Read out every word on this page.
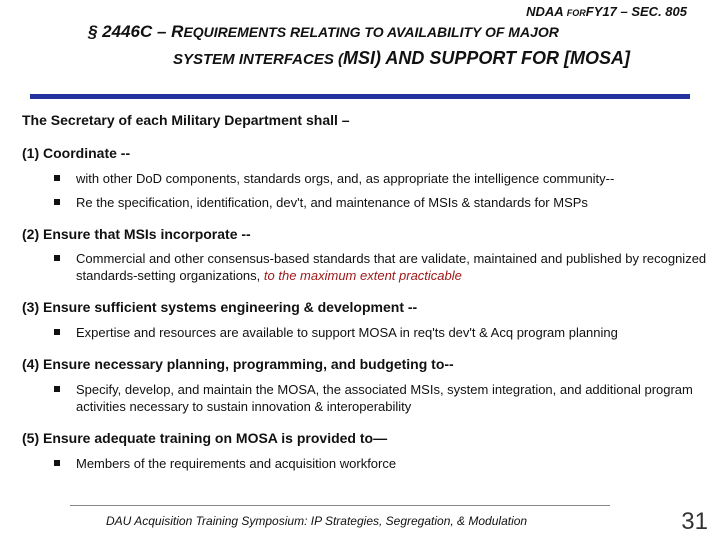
NDAA FORFY17 – SEC. 805
§ 2446C – REQUIREMENTS RELATING TO AVAILABILITY OF MAJOR
SYSTEM INTERFACES (MSI) AND SUPPORT FOR [MOSA]
The Secretary of each Military Department shall –
(1) Coordinate --
with other DoD components, standards orgs, and, as appropriate the intelligence community--
Re the specification, identification, dev't, and maintenance of MSIs & standards for MSPs
(2) Ensure that MSIs incorporate --
Commercial and other consensus-based standards that are validate, maintained and published by recognized standards-setting organizations, to the maximum extent practicable
(3) Ensure sufficient systems engineering & development --
Expertise and resources are available to support MOSA in req'ts dev't & Acq program planning
(4) Ensure necessary planning, programming, and budgeting to--
Specify, develop, and maintain the MOSA, the associated MSIs, system integration, and additional program activities necessary to sustain innovation & interoperability
(5) Ensure adequate training on MOSA is provided to—
Members of the requirements and acquisition workforce
DAU Acquisition Training Symposium: IP Strategies, Segregation, & Modulation	31
